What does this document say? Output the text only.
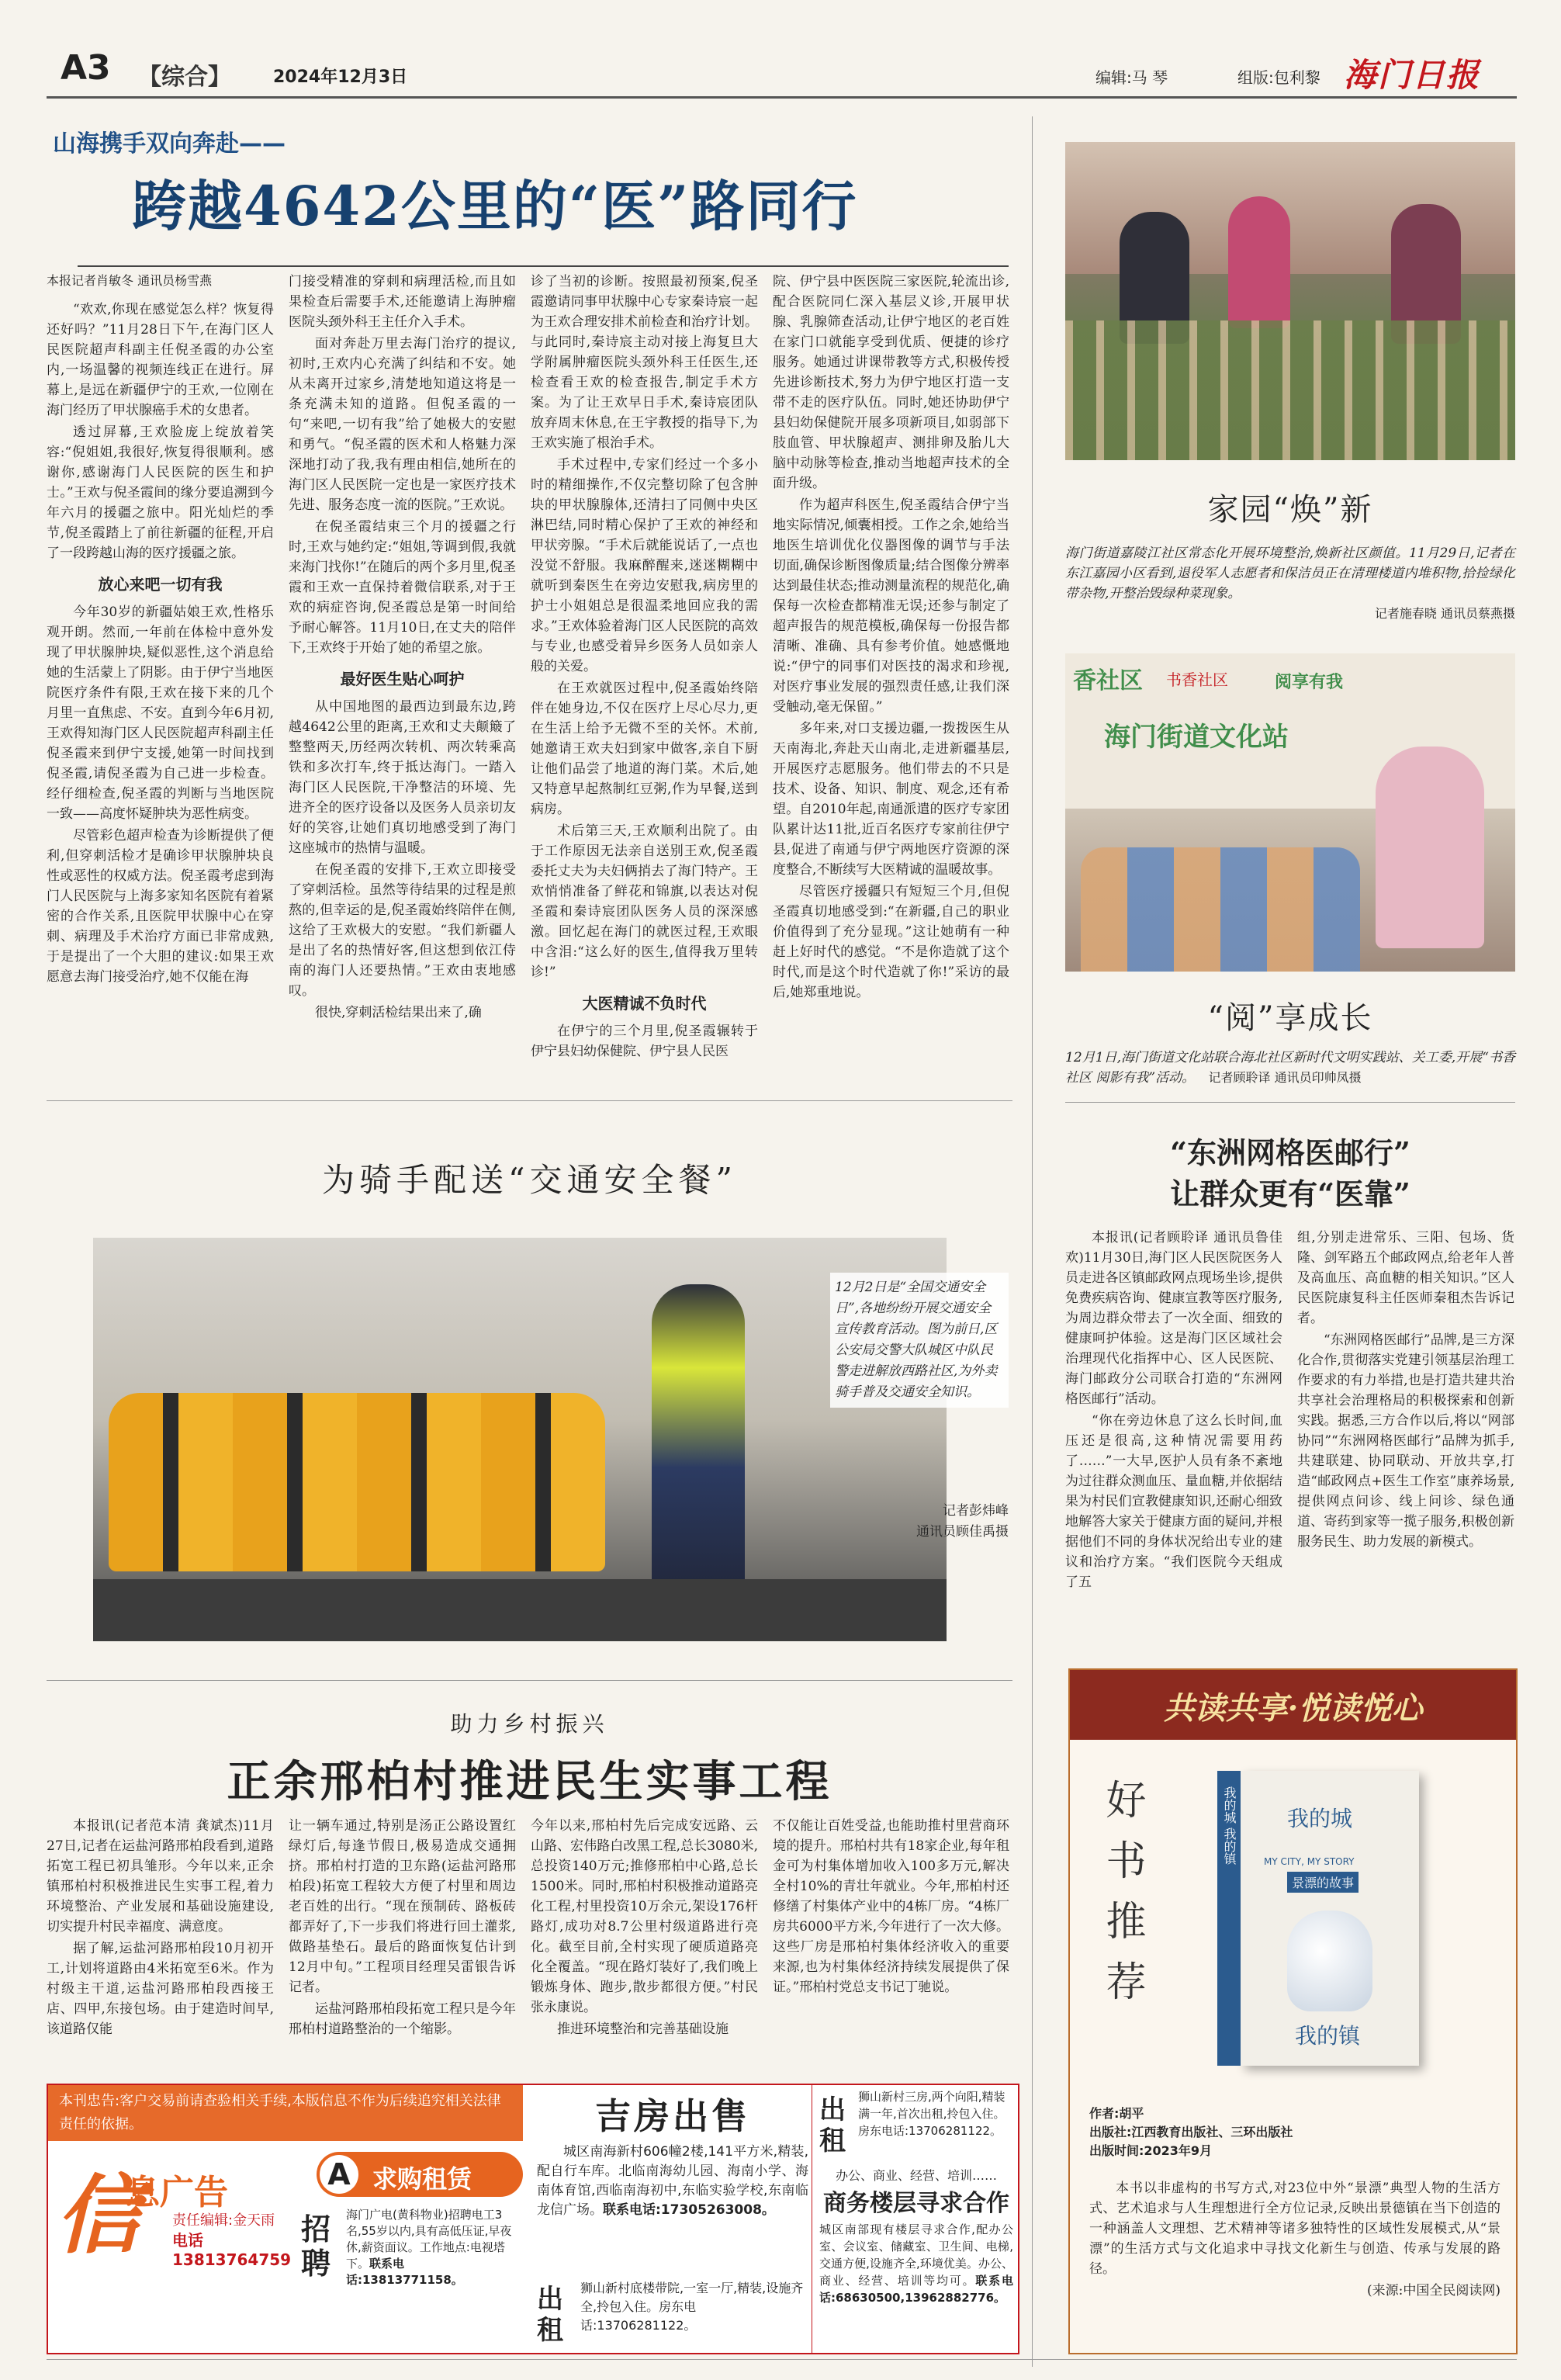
A3 【综合】 2024年12月3日	编辑:马 琴	组版:包利黎 海门日报
山海携手双向奔赴——
跨越4642公里的“医”路同行
本报记者肖敏冬 通讯员杨雪燕

“欢欢,你现在感觉怎么样？恢复得还好吗？”11月28日下午,在海门区人民医院超声科副主任倪圣霞的办公室内,一场温馨的视频连线正在进行。屏幕上,是远在新疆伊宁的王欢,一位刚在海门经历了甲状腺癌手术的女患者。

透过屏幕,王欢脸庞上绽放着笑容:“倪姐姐,我很好,恢复得很顺利。感谢你,感谢海门人民医院的医生和护士。”王欢与倪圣霞间的缘分要追溯到今年六月的援疆之旅中。阳光灿烂的季节,倪圣霞踏上了前往新疆的征程,开启了一段跨越山海的医疗援疆之旅。

放心来吧一切有我

今年30岁的新疆姑娘王欢,性格乐观开朗。然而,一年前在体检中意外发现了甲状腺肿块,疑似恶性,这个消息给她的生活蒙上了阴影。由于伊宁当地医院医疗条件有限,王欢在接下来的几个月里一直焦虑、不安。直到今年6月初,王欢得知海门区人民医院超声科副主任倪圣霞来到伊宁支援,她第一时间找到倪圣霞,请倪圣霞为自己进一步检查。经仔细检查,倪圣霞的判断与当地医院一致——高度怀疑肿块为恶性病变。

尽管彩色超声检查为诊断提供了便利,但穿刺活检才是确诊甲状腺肿块良性或恶性的权威方法。倪圣霞考虑到海门人民医院与上海多家知名医院有着紧密的合作关系,且医院甲状腺中心在穿刺、病理及手术治疗方面已非常成熟,于是提出了一个大胆的建议:如果王欢愿意去海门接受治疗,她不仅能在海

门接受精准的穿刺和病理活检,而且如果检查后需要手术,还能邀请上海肿瘤医院头颈外科王主任介入手术。

面对奔赴万里去海门治疗的提议,初时,王欢内心充满了纠结和不安。她从未离开过家乡,清楚地知道这将是一条充满未知的道路。但倪圣霞的一句“来吧,一切有我”给了她极大的安慰和勇气。“倪圣霞的医术和人格魅力深深地打动了我,我有理由相信,她所在的海门区人民医院一定也是一家医疗技术先进、服务态度一流的医院。”王欢说。

在倪圣霞结束三个月的援疆之行时,王欢与她约定:“姐姐,等调到假,我就来海门找你!”在随后的两个多月里,倪圣霞和王欢一直保持着微信联系,对于王欢的病症咨询,倪圣霞总是第一时间给予耐心解答。11月10日,在丈夫的陪伴下,王欢终于开始了她的希望之旅。

最好医生贴心呵护

从中国地图的最西边到最东边,跨越4642公里的距离,王欢和丈夫颠簸了整整两天,历经两次转机、两次转乘高铁和多次打车,终于抵达海门。一踏入海门区人民医院,干净整洁的环境、先进齐全的医疗设备以及医务人员亲切友好的笑容,让她们真切地感受到了海门这座城市的热情与温暖。

在倪圣霞的安排下,王欢立即接受了穿刺活检。虽然等待结果的过程是煎熬的,但幸运的是,倪圣霞始终陪伴在侧,这给了王欢极大的安慰。“我们新疆人是出了名的热情好客,但这想到依江侍南的海门人还要热情。”王欢由衷地感叹。

很快,穿刺活检结果出来了,确

诊了当初的诊断。按照最初预案,倪圣霞邀请同事甲状腺中心专家秦诗宸一起为王欢合理安排术前检查和治疗计划。与此同时,秦诗宸主动对接上海复旦大学附属肿瘤医院头颈外科王任医生,还检查看王欢的检查报告,制定手术方案。为了让王欢早日手术,秦诗宸团队放弃周末休息,在王宇教授的指导下,为王欢实施了根治手术。

手术过程中,专家们经过一个多小时的精细操作,不仅完整切除了包含肿块的甲状腺腺体,还清扫了同侧中央区淋巴结,同时精心保护了王欢的神经和甲状旁腺。“手术后就能说话了,一点也没觉不舒服。我麻醉醒来,迷迷糊糊中就听到秦医生在旁边安慰我,病房里的护士小姐姐总是很温柔地回应我的需求。”王欢体验着海门区人民医院的高效与专业,也感受着异乡医务人员如亲人般的关爱。

在王欢就医过程中,倪圣霞始终陪伴在她身边,不仅在医疗上尽心尽力,更在生活上给予无微不至的关怀。术前,她邀请王欢夫妇到家中做客,亲自下厨让他们品尝了地道的海门菜。术后,她又特意早起熬制红豆粥,作为早餐,送到病房。

术后第三天,王欢顺利出院了。由于工作原因无法亲自送别王欢,倪圣霞委托丈夫为夫妇俩捎去了海门特产。王欢悄悄准备了鲜花和锦旗,以表达对倪圣霞和秦诗宸团队医务人员的深深感激。回忆起在海门的就医过程,王欢眼中含泪:“这么好的医生,值得我万里转诊!”

大医精诚不负时代

在伊宁的三个月里,倪圣霞辗转于伊宁县妇幼保健院、伊宁县人民医

院、伊宁县中医医院三家医院,轮流出诊,配合医院同仁深入基层义诊,开展甲状腺、乳腺筛查活动,让伊宁地区的老百姓在家门口就能享受到优质、便捷的诊疗服务。她通过讲课带教等方式,积极传授先进诊断技术,努力为伊宁地区打造一支带不走的医疗队伍。同时,她还协助伊宁县妇幼保健院开展多项新项目,如弱部下肢血管、甲状腺超声、测排卵及胎儿大脑中动脉等检查,推动当地超声技术的全面升级。

作为超声科医生,倪圣霞结合伊宁当地实际情况,倾囊相授。工作之余,她给当地医生培训优化仪器图像的调节与手法切面,确保诊断图像质量;结合图像分辨率达到最佳状态;推动测量流程的规范化,确保每一次检查都精准无误;还参与制定了超声报告的规范模板,确保每一份报告都清晰、准确、具有参考价值。她感慨地说:“伊宁的同事们对医技的渴求和珍视,对医疗事业发展的强烈责任感,让我们深受触动,毫无保留。”

多年来,对口支援边疆,一拨拨医生从天南海北,奔赴天山南北,走进新疆基层,开展医疗志愿服务。他们带去的不只是技术、设备、知识、制度、观念,还有希望。自2010年起,南通派遣的医疗专家团队累计达11批,近百名医疗专家前往伊宁县,促进了南通与伊宁两地医疗资源的深度整合,不断续写大医精诚的温暖故事。

尽管医疗援疆只有短短三个月,但倪圣霞真切地感受到:“在新疆,自己的职业价值得到了充分显现。”这让她萌有一种赶上好时代的感觉。“不是你造就了这个时代,而是这个时代造就了你!”采访的最后,她郑重地说。

家园“焕”新
海门街道嘉陵江社区常态化开展环境整治,焕新社区颜值。11月29日,记者在东江嘉园小区看到,退役军人志愿者和保洁员正在清理楼道内堆积物,拾捡绿化带杂物,开整治毁绿种菜现象。
记者施春晓 通讯员蔡燕摄
香社区 书香社区
海门街道文化站
阅享有我
“阅”享成长
12月1日,海门街道文化站联合海北社区新时代文明实践站、关工委,开展“书香社区 阅影有我”活动。 记者顾聆译 通讯员印帅凤摄
“东洲网格医邮行”
让群众更有“医靠”

本报讯(记者顾聆译 通讯员鲁佳欢)11月30日,海门区人民医院医务人员走进各区镇邮政网点现场坐诊,提供免费疾病咨询、健康宣教等医疗服务,为周边群众带去了一次全面、细致的健康呵护体验。这是海门区区域社会治理现代化指挥中心、区人民医院、海门邮政分公司联合打造的“东洲网格医邮行”活动。

“你在旁边休息了这么长时间,血压还是很高,这种情况需要用药了……”一大早,医护人员有条不紊地为过往群众测血压、量血糖,并依据结果为村民们宣教健康知识,还耐心细致地解答大家关于健康方面的疑问,并根据他们不同的身体状况给出专业的建议和治疗方案。“我们医院今天组成了五

组,分别走进常乐、三阳、包场、货隆、剑军路五个邮政网点,给老年人普及高血压、高血糖的相关知识。”区人民医院康复科主任医师秦租杰告诉记者。

“东洲网格医邮行”品牌,是三方深化合作,贯彻落实党建引领基层治理工作要求的有力举措,也是打造共建共治共享社会治理格局的积极探索和创新实践。据悉,三方合作以后,将以“网部协同”“东洲网格医邮行”品牌为抓手,共建联建、协同联动、开放共享,打造“邮政网点+医生工作室”康养场景,提供网点问诊、线上问诊、绿色通道、寄药到家等一揽子服务,积极创新服务民生、助力发展的新模式。

为骑手配送“交通安全餐”
12月2日是“全国交通安全日”,各地纷纷开展交通安全宣传教育活动。图为前日,区公安局交警大队城区中队民警走进解放西路社区,为外卖骑手普及交通安全知识。
记者彭炜峰
通讯员顾佳禹摄
助力乡村振兴
正余邢柏村推进民生实事工程

本报讯(记者范本清 龚斌杰)11月27日,记者在运盐河路邢柏段看到,道路拓宽工程已初具雏形。今年以来,正余镇邢柏村积极推进民生实事工程,着力环境整治、产业发展和基础设施建设,切实提升村民幸福度、满意度。

据了解,运盐河路邢柏段10月初开工,计划将道路由4米拓宽至6米。作为村级主干道,运盐河路邢柏段西接王店、四甲,东接包场。由于建造时间早,该道路仅能

让一辆车通过,特别是汤正公路设置红绿灯后,每逢节假日,极易造成交通拥挤。邢柏村打造的卫东路(运盐河路邢柏段)拓宽工程较大方便了村里和周边老百姓的出行。“现在预制砖、路板砖都弄好了,下一步我们将进行回土灌浆,做路基垫石。最后的路面恢复估计到12月中旬。”工程项目经理吴雷银告诉记者。

运盐河路邢柏段拓宽工程只是今年邢柏村道路整治的一个缩影。

今年以来,邢柏村先后完成安远路、云山路、宏伟路白改黑工程,总长3080米,总投资140万元;推修邢柏中心路,总长1500米。同时,邢柏村积极推动道路亮化工程,村里投资10万余元,架设176杆路灯,成功对8.7公里村级道路进行亮化。截至目前,全村实现了硬质道路亮化全覆盖。“现在路灯装好了,我们晚上锻炼身体、跑步,散步都很方便。”村民张永康说。

推进环境整治和完善基础设施

不仅能让百姓受益,也能助推村里营商环境的提升。邢柏村共有18家企业,每年租金可为村集体增加收入100多万元,解决全村10%的青壮年就业。今年,邢柏村还修缮了村集体产业中的4栋厂房。“4栋厂房共6000平方米,今年进行了一次大修。这些厂房是邢柏村集体经济收入的重要来源,也为村集体经济持续发展提供了保证。”邢柏村党总支书记丁驰说。

本刊忠告:客户交易前请查验相关手续,本版信息不作为后续追究相关法律责任的依据。
信
息广告
责任编辑:金天雨
电话13813764759
A 求购租赁
招
聘
海门广电(黄科物业)招聘电工3名,55岁以内,具有高低压证,早夜休,薪资面议。工作地点:电视塔下。联系电话:13813771158。
吉房出售
城区南海新村606幢2楼,141平方米,精装,配自行车库。北临南海幼儿园、海南小学、海南体育馆,西临南海初中,东临实验学校,东南临龙信广场。联系电话:17305263008。
出
租
狮山新村三房,两个向阳,精装满一年,首次出租,拎包入住。房东电话:13706281122。
办公、商业、经营、培训……
商务楼层寻求合作
城区南部现有楼层寻求合作,配办公室、会议室、储藏室、卫生间、电梯,交通方便,设施齐全,环境优美。办公、商业、经营、培训等均可。联系电话:68630500,13962882776。
出
租
狮山新村底楼带院,一室一厅,精装,设施齐全,拎包入住。房东电话:13706281122。
共读共享·悦读悦心
好书推荐	我的城 我的镇 我的城
MY CITY, MY STORY
景漂的故事
我的镇
作者:胡平
出版社:江西教育出版社、三环出版社
出版时间:2023年9月

本书以非虚构的书写方式,对23位中外“景漂”典型人物的生活方式、艺术追求与人生理想进行全方位记录,反映出景德镇在当下创造的一种涵盖人文理想、艺术精神等诸多独特性的区域性发展模式,从“景漂”的生活方式与文化追求中寻找文化新生与创造、传承与发展的路径。

(来源:中国全民阅读网)
